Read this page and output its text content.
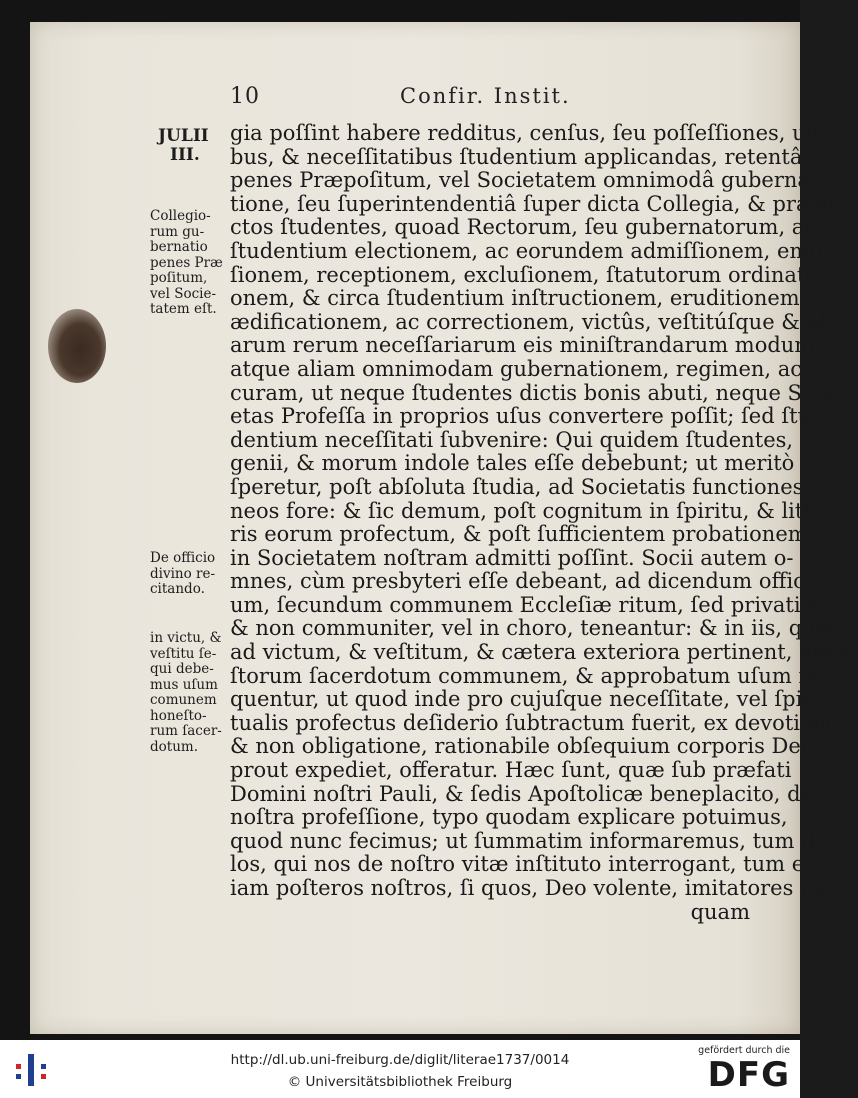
10	Confir. Instit.
JULII
III.
Collegio-
rum gu-
bernatio
penes Præ
poſitum,
vel Socie-
tatem eſt.
De officio
divino re-
citando.
in victu, &
veſtitu ſe-
qui debe-
mus uſum
comunem
honeſto-
rum ſacer-
dotum.
gia poſſint habere redditus, cenſus, ſeu poſſeſſiones, uſi-
bus, & neceſſitatibus ſtudentium applicandas, retentâ
penes Præpoſitum, vel Societatem omnimodâ guberna-
tione, ſeu ſuperintendentiâ ſuper dicta Collegia, & prædi-
ctos ſtudentes, quoad Rectorum, ſeu gubernatorum, ac
ſtudentium electionem, ac eorundem admiſſionem, emiſ-
ſionem, receptionem, excluſionem, ſtatutorum ordinati-
onem, & circa ſtudentium inſtructionem, eruditionem,
ædificationem, ac correctionem, victûs, veſtitúſque & ali-
arum rerum neceſſariarum eis miniſtrandarum modum,
atque aliam omnimodam gubernationem, regimen, ac
curam, ut neque ſtudentes dictis bonis abuti, neque Soci-
etas Profeſſa in proprios uſus convertere poſſit; ſed ſtu-
dentium neceſſitati ſubvenire: Qui quidem ſtudentes, in-
genii, & morum indole tales eſſe debebunt; ut meritò
ſperetur, poſt abſoluta ſtudia, ad Societatis functiones ido-
neos fore: & ſic demum, poſt cognitum in ſpiritu, & litte-
ris eorum profectum, & poſt ſufficientem probationem,
in Societatem noſtram admitti poſſint. Socii autem o-
mnes, cùm presbyteri eſſe debeant, ad dicendum offici-
um, ſecundum communem Eccleſiæ ritum, ſed privatim,
& non communiter, vel in choro, teneantur: & in iis, quæ
ad victum, & veſtitum, & cætera exteriora pertinent, hone-
ſtorum ſacerdotum communem, & approbatum uſum ſe-
quentur, ut quod inde pro cujuſque neceſſitate, vel ſpiri-
tualis profectus deſiderio ſubtractum fuerit, ex devotione,
& non obligatione, rationabile obſequium corporis Deo,
prout expediet, offeratur. Hæc ſunt, quæ ſub præfati
Domini noſtri Pauli, & ſedis Apoſtolicæ beneplacito, de
noſtra profeſſione, typo quodam explicare potuimus,
quod nunc fecimus; ut ſummatim informaremus, tum il-
los, qui nos de noſtro vitæ inſtituto interrogant, tum et-
iam poſteros noſtros, ſi quos, Deo volente, imitatores un-
quam
http://dl.ub.uni-freiburg.de/diglit/literae1737/0014
© Universitätsbibliothek Freiburg
gefördert durch die
DFG
